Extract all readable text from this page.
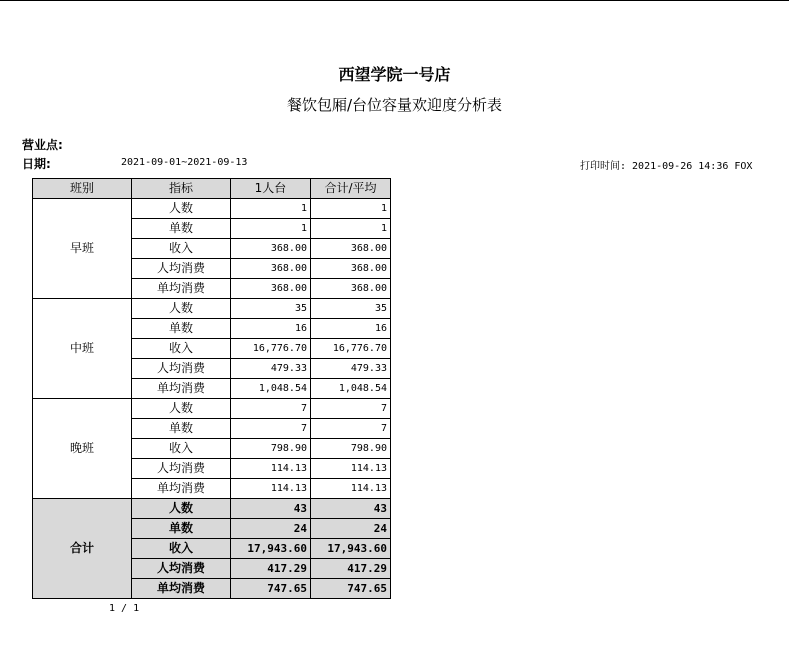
西望学院一号店
餐饮包厢/台位容量欢迎度分析表
营业点:
日期:	2021-09-01~2021-09-13	打印时间: 2021-09-26 14:36 FOX
班别	指标	1人台	合计/平均
早班	人数	1	1
	单数	1	1
	收入	368.00	368.00
	人均消费	368.00	368.00
	单均消费	368.00	368.00
中班	人数	35	35
	单数	16	16
	收入	16,776.70	16,776.70
	人均消费	479.33	479.33
	单均消费	1,048.54	1,048.54
晚班	人数	7	7
	单数	7	7
	收入	798.90	798.90
	人均消费	114.13	114.13
	单均消费	114.13	114.13
合计	人数	43	43
	单数	24	24
	收入	17,943.60	17,943.60
	人均消费	417.29	417.29
	单均消费	747.65	747.65
1 / 1
